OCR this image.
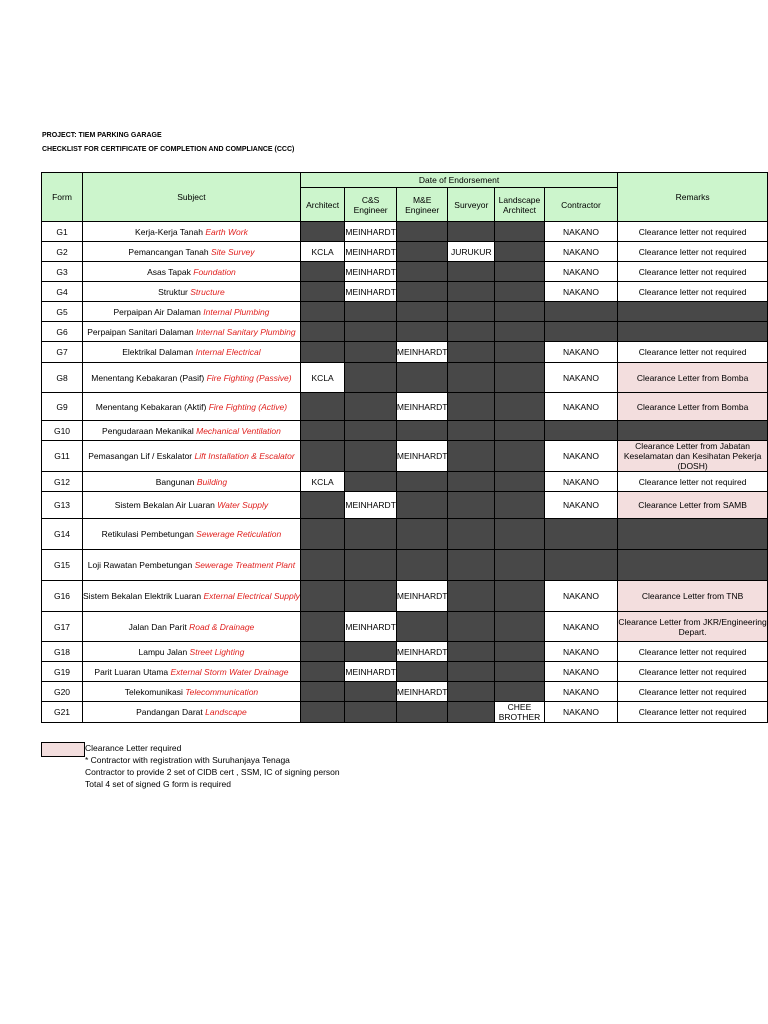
PROJECT: TIEM PARKING GARAGE
CHECKLIST FOR CERTIFICATE OF COMPLETION AND COMPLIANCE (CCC)
Form	Subject	Date of Endorsement						Remarks
		Architect	C&S Engineer	M&E Engineer	Surveyor	Landscape Architect	Contractor	
G1	Kerja-Kerja Tanah Earth Work		MEINHARDT				NAKANO	Clearance letter not required
G2	Pemancangan Tanah Site Survey	KCLA	MEINHARDT		JURUKUR		NAKANO	Clearance letter not required
G3	Asas Tapak Foundation		MEINHARDT				NAKANO	Clearance letter not required
G4	Struktur Structure		MEINHARDT				NAKANO	Clearance letter not required
G5	Perpaipan Air Dalaman Internal Plumbing							
G6	Perpaipan Sanitari Dalaman Internal Sanitary Plumbing							
G7	Elektrikal Dalaman Internal Electrical			MEINHARDT			NAKANO	Clearance letter not required
G8	Menentang Kebakaran (Pasif) Fire Fighting (Passive)	KCLA					NAKANO	Clearance Letter from Bomba
G9	Menentang Kebakaran (Aktif) Fire Fighting (Active)			MEINHARDT			NAKANO	Clearance Letter from Bomba
G10	Pengudaraan Mekanikal Mechanical Ventilation							
G11	Pemasangan Lif / Eskalator Lift Installation & Escalator			MEINHARDT			NAKANO	Clearance Letter from Jabatan Keselamatan dan Kesihatan Pekerja (DOSH)
G12	Bangunan Building	KCLA					NAKANO	Clearance letter not required
G13	Sistem Bekalan Air Luaran Water Supply		MEINHARDT				NAKANO	Clearance Letter from SAMB
G14	Retikulasi Pembetungan Sewerage Reticulation							
G15	Loji Rawatan Pembetungan Sewerage Treatment Plant							
G16	Sistem Bekalan Elektrik Luaran External Electrical Supply			MEINHARDT			NAKANO	Clearance Letter from TNB
G17	Jalan Dan Parit Road & Drainage		MEINHARDT				NAKANO	Clearance Letter from JKR/Engineering Depart.
G18	Lampu Jalan Street Lighting			MEINHARDT			NAKANO	Clearance letter not required
G19	Parit Luaran Utama External Storm Water Drainage		MEINHARDT				NAKANO	Clearance letter not required
G20	Telekomunikasi Telecommunication			MEINHARDT			NAKANO	Clearance letter not required
G21	Pandangan Darat Landscape					CHEE BROTHER	NAKANO	Clearance letter not required
Clearance Letter required
* Contractor with registration with Suruhanjaya Tenaga
Contractor to provide 2 set of CIDB cert , SSM, IC of signing person
Total 4 set of signed G form is required
